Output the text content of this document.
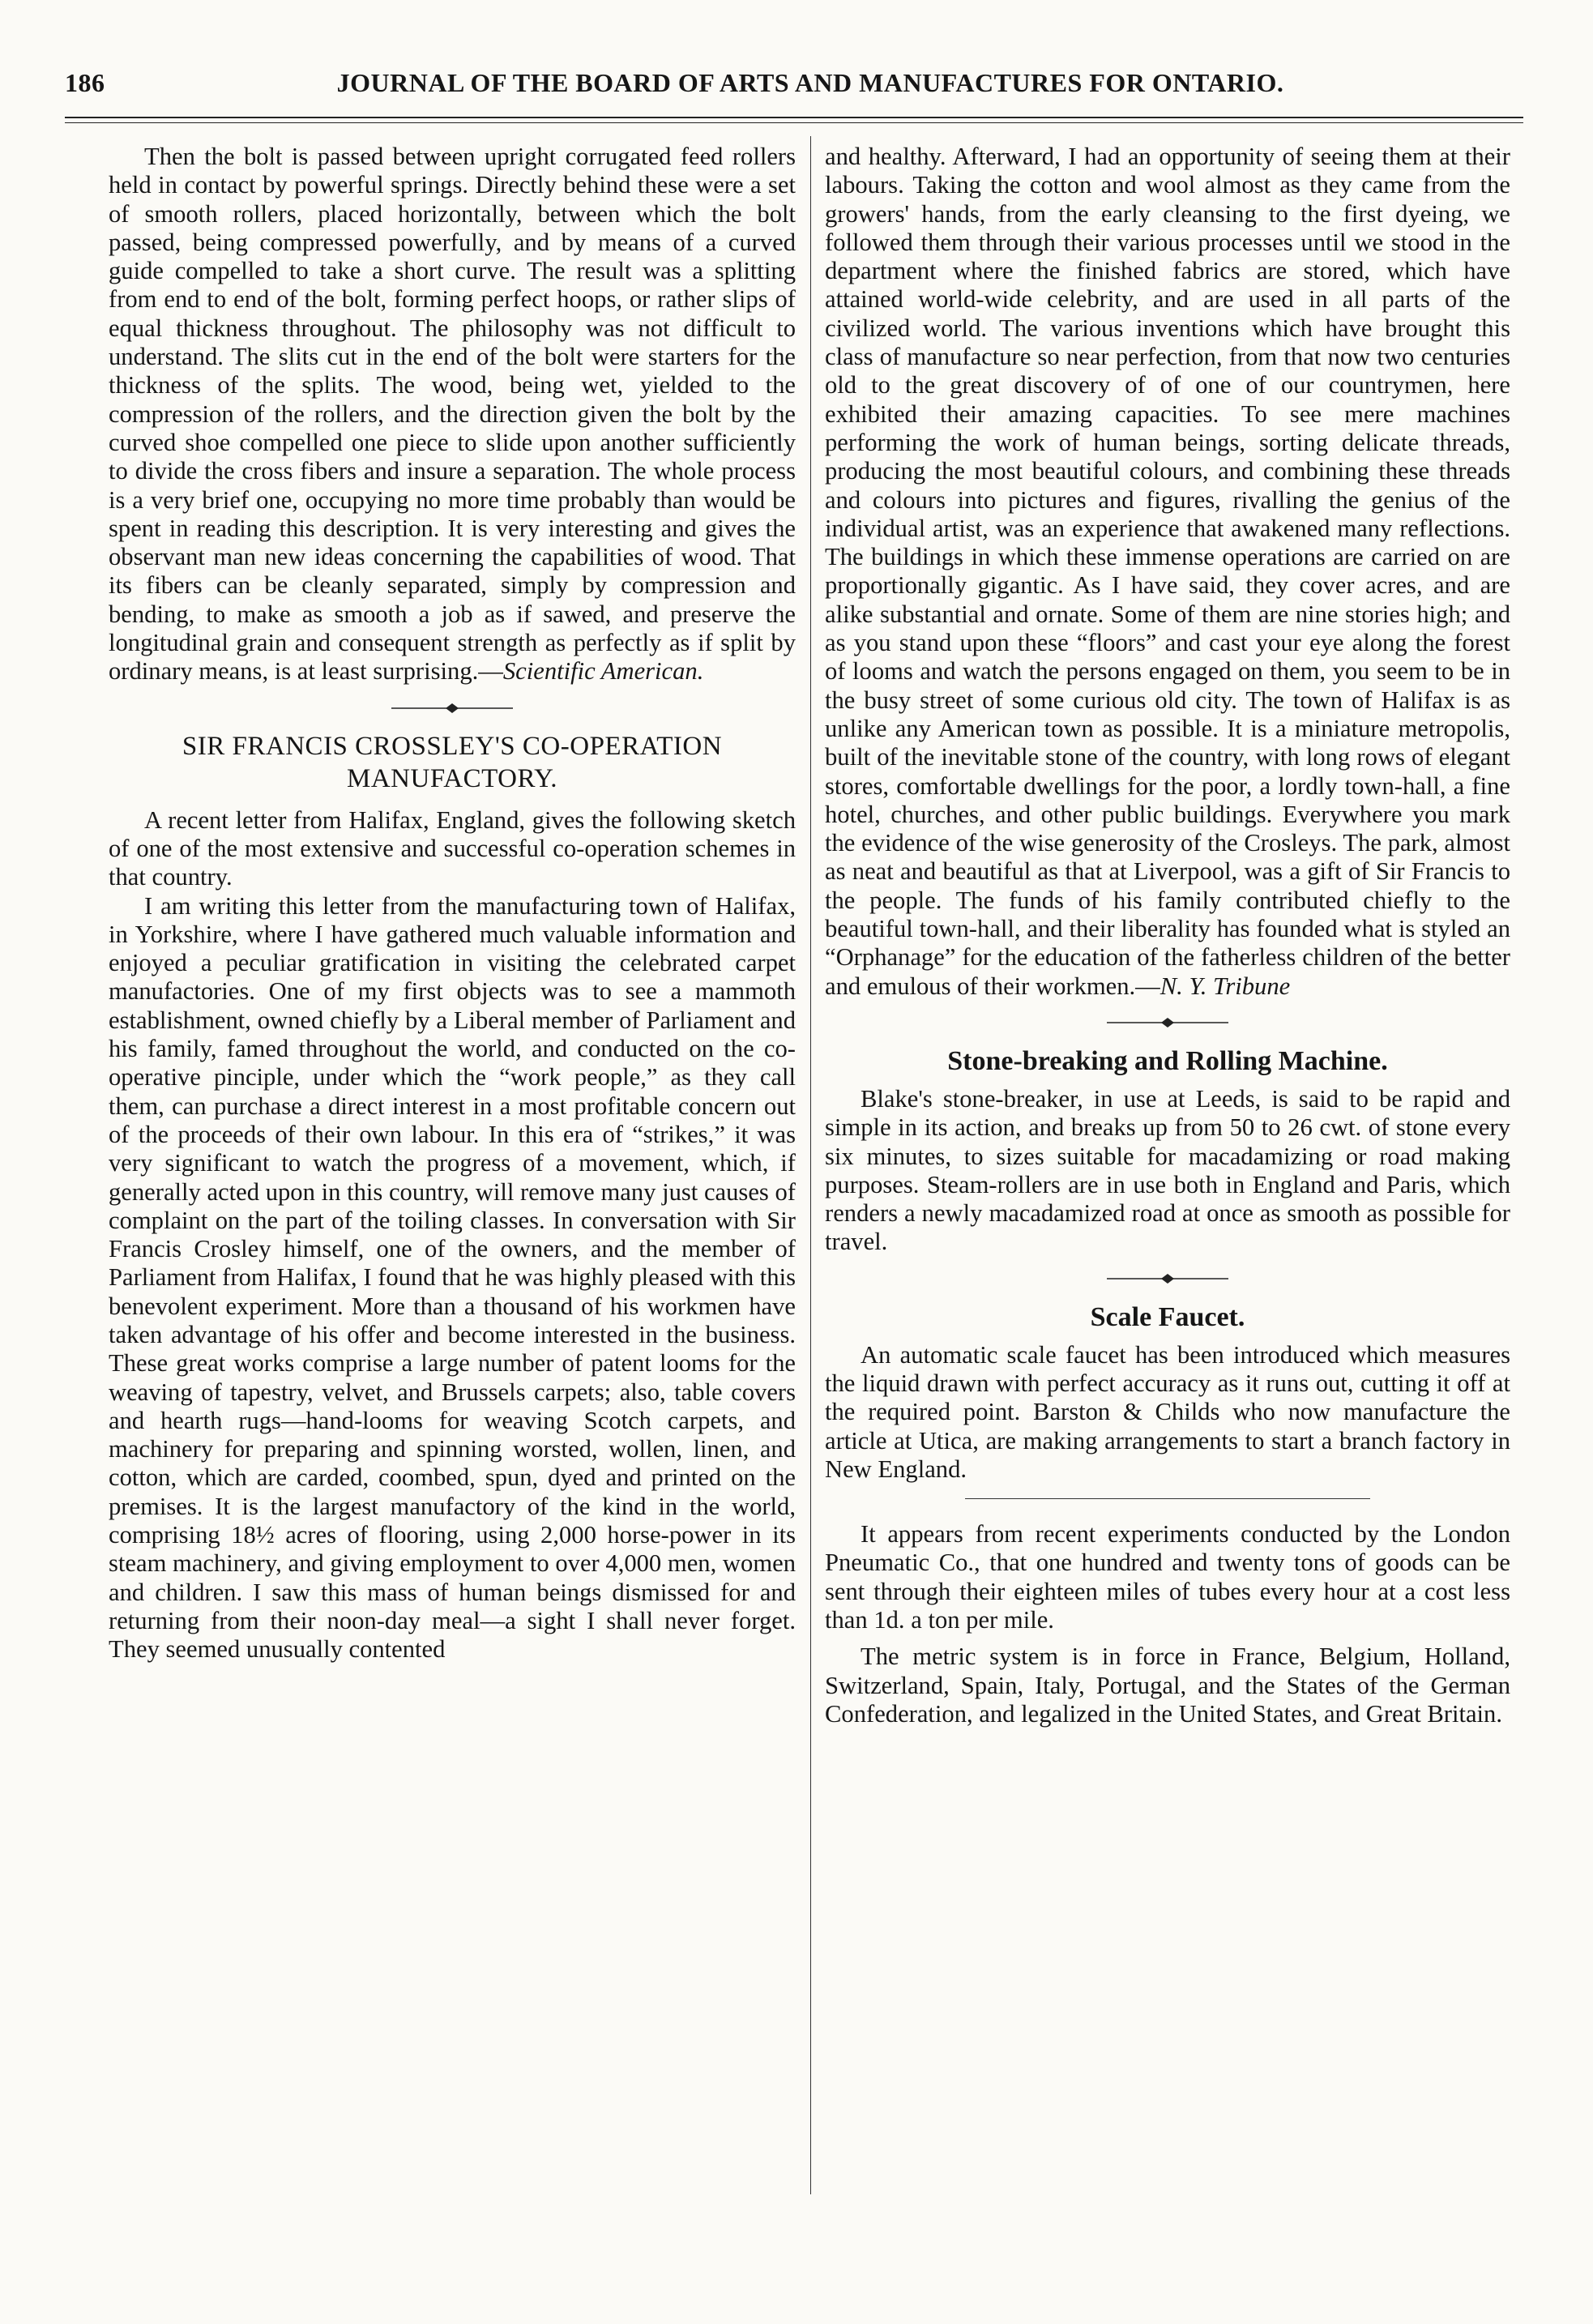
186	JOURNAL OF THE BOARD OF ARTS AND MANUFACTURES FOR ONTARIO.

Then the bolt is passed between upright corrugated feed rollers held in contact by powerful springs. Directly behind these were a set of smooth rollers, placed horizontally, between which the bolt passed, being compressed powerfully, and by means of a curved guide compelled to take a short curve. The result was a splitting from end to end of the bolt, forming perfect hoops, or rather slips of equal thickness throughout. The philosophy was not difficult to understand. The slits cut in the end of the bolt were starters for the thickness of the splits. The wood, being wet, yielded to the compression of the rollers, and the direction given the bolt by the curved shoe compelled one piece to slide upon another sufficiently to divide the cross fibers and insure a separation. The whole process is a very brief one, occupying no more time probably than would be spent in reading this description. It is very interesting and gives the observant man new ideas concerning the capabilities of wood. That its fibers can be cleanly separated, simply by compression and bending, to make as smooth a job as if sawed, and preserve the longitudinal grain and consequent strength as perfectly as if split by ordinary means, is at least surprising.—Scientific American.

SIR FRANCIS CROSSLEY'S CO-OPERATION MANUFACTORY.

A recent letter from Halifax, England, gives the following sketch of one of the most extensive and successful co-operation schemes in that country.

I am writing this letter from the manufacturing town of Halifax, in Yorkshire, where I have gathered much valuable information and enjoyed a peculiar gratification in visiting the celebrated carpet manufactories. One of my first objects was to see a mammoth establishment, owned chiefly by a Liberal member of Parliament and his family, famed throughout the world, and conducted on the co-operative pinciple, under which the “work people,” as they call them, can purchase a direct interest in a most profitable concern out of the proceeds of their own labour. In this era of “strikes,” it was very significant to watch the progress of a movement, which, if generally acted upon in this country, will remove many just causes of complaint on the part of the toiling classes. In conversation with Sir Francis Crosley himself, one of the owners, and the member of Parliament from Halifax, I found that he was highly pleased with this benevolent experiment. More than a thousand of his workmen have taken advantage of his offer and become interested in the business. These great works comprise a large number of patent looms for the weaving of tapestry, velvet, and Brussels carpets; also, table covers and hearth rugs—hand-looms for weaving Scotch carpets, and machinery for preparing and spinning worsted, wollen, linen, and cotton, which are carded, coombed, spun, dyed and printed on the premises. It is the largest manufactory of the kind in the world, comprising 18½ acres of flooring, using 2,000 horse-power in its steam machinery, and giving employment to over 4,000 men, women and children. I saw this mass of human beings dismissed for and returning from their noon-day meal—a sight I shall never forget. They seemed unusually contented

and healthy. Afterward, I had an opportunity of seeing them at their labours. Taking the cotton and wool almost as they came from the growers' hands, from the early cleansing to the first dyeing, we followed them through their various processes until we stood in the department where the finished fabrics are stored, which have attained world-wide celebrity, and are used in all parts of the civilized world. The various inventions which have brought this class of manufacture so near perfection, from that now two centuries old to the great discovery of of one of our countrymen, here exhibited their amazing capacities. To see mere machines performing the work of human beings, sorting delicate threads, producing the most beautiful colours, and combining these threads and colours into pictures and figures, rivalling the genius of the individual artist, was an experience that awakened many reflections. The buildings in which these immense operations are carried on are proportionally gigantic. As I have said, they cover acres, and are alike substantial and ornate. Some of them are nine stories high; and as you stand upon these “floors” and cast your eye along the forest of looms and watch the persons engaged on them, you seem to be in the busy street of some curious old city. The town of Halifax is as unlike any American town as possible. It is a miniature metropolis, built of the inevitable stone of the country, with long rows of elegant stores, comfortable dwellings for the poor, a lordly town-hall, a fine hotel, churches, and other public buildings. Everywhere you mark the evidence of the wise generosity of the Crosleys. The park, almost as neat and beautiful as that at Liverpool, was a gift of Sir Francis to the people. The funds of his family contributed chiefly to the beautiful town-hall, and their liberality has founded what is styled an “Orphanage” for the education of the fatherless children of the better and emulous of their workmen.—N. Y. Tribune

Stone-breaking and Rolling Machine.

Blake's stone-breaker, in use at Leeds, is said to be rapid and simple in its action, and breaks up from 50 to 26 cwt. of stone every six minutes, to sizes suitable for macadamizing or road making purposes. Steam-rollers are in use both in England and Paris, which renders a newly macadamized road at once as smooth as possible for travel.

Scale Faucet.

An automatic scale faucet has been introduced which measures the liquid drawn with perfect accuracy as it runs out, cutting it off at the required point. Barston & Childs who now manufacture the article at Utica, are making arrangements to start a branch factory in New England.

It appears from recent experiments conducted by the London Pneumatic Co., that one hundred and twenty tons of goods can be sent through their eighteen miles of tubes every hour at a cost less than 1d. a ton per mile.

The metric system is in force in France, Belgium, Holland, Switzerland, Spain, Italy, Portugal, and the States of the German Confederation, and legalized in the United States, and Great Britain.
